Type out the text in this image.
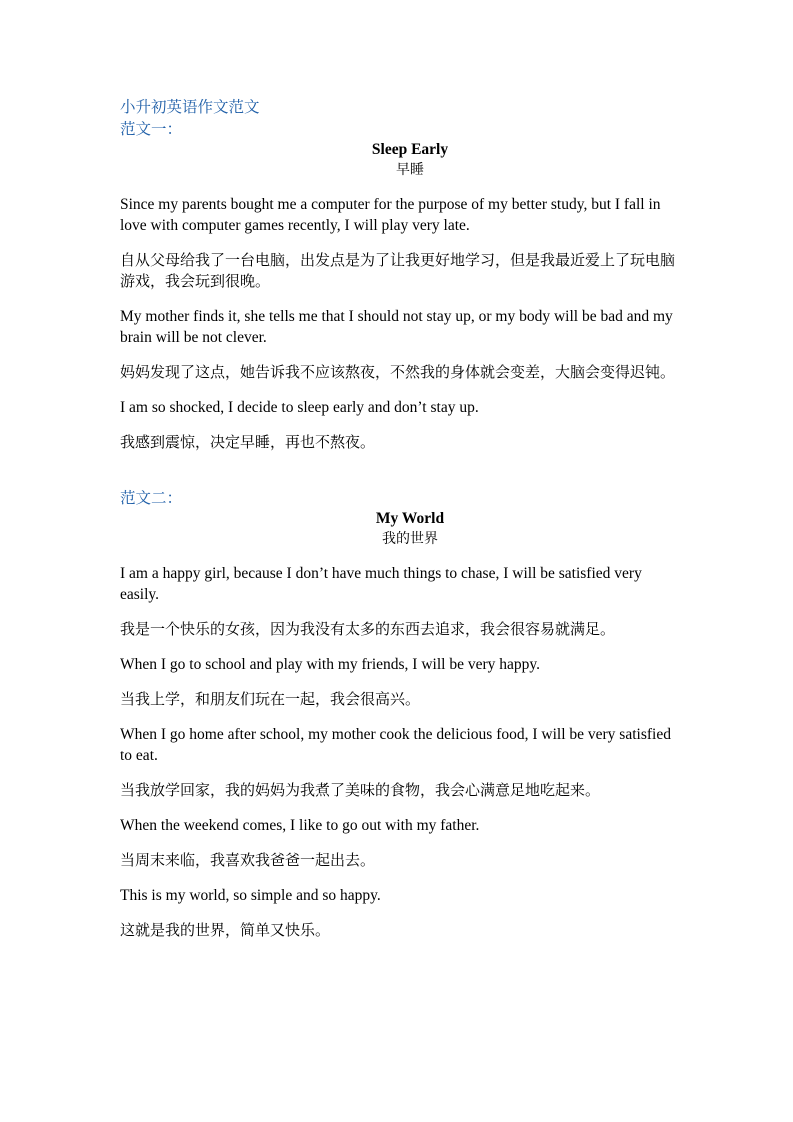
小升初英语作文范文
范文一：
Sleep Early
早睡

Since my parents bought me a computer for the purpose of my better study, but I fall in love with computer games recently, I will play very late.

自从父母给我了一台电脑，出发点是为了让我更好地学习，但是我最近爱上了玩电脑游戏，我会玩到很晚。

My mother finds it, she tells me that I should not stay up, or my body will be bad and my brain will be not clever.

妈妈发现了这点，她告诉我不应该熬夜，不然我的身体就会变差，大脑会变得迟钝。

I am so shocked, I decide to sleep early and don’t stay up.

我感到震惊，决定早睡，再也不熬夜。

范文二：
My World
我的世界

I am a happy girl, because I don’t have much things to chase, I will be satisfied very easily.

我是一个快乐的女孩，因为我没有太多的东西去追求，我会很容易就满足。

When I go to school and play with my friends, I will be very happy.

当我上学，和朋友们玩在一起，我会很高兴。

When I go home after school, my mother cook the delicious food, I will be very satisfied to eat.

当我放学回家，我的妈妈为我煮了美味的食物，我会心满意足地吃起来。

When the weekend comes, I like to go out with my father.

当周末来临，我喜欢我爸爸一起出去。

This is my world, so simple and so happy.

这就是我的世界，简单又快乐。
